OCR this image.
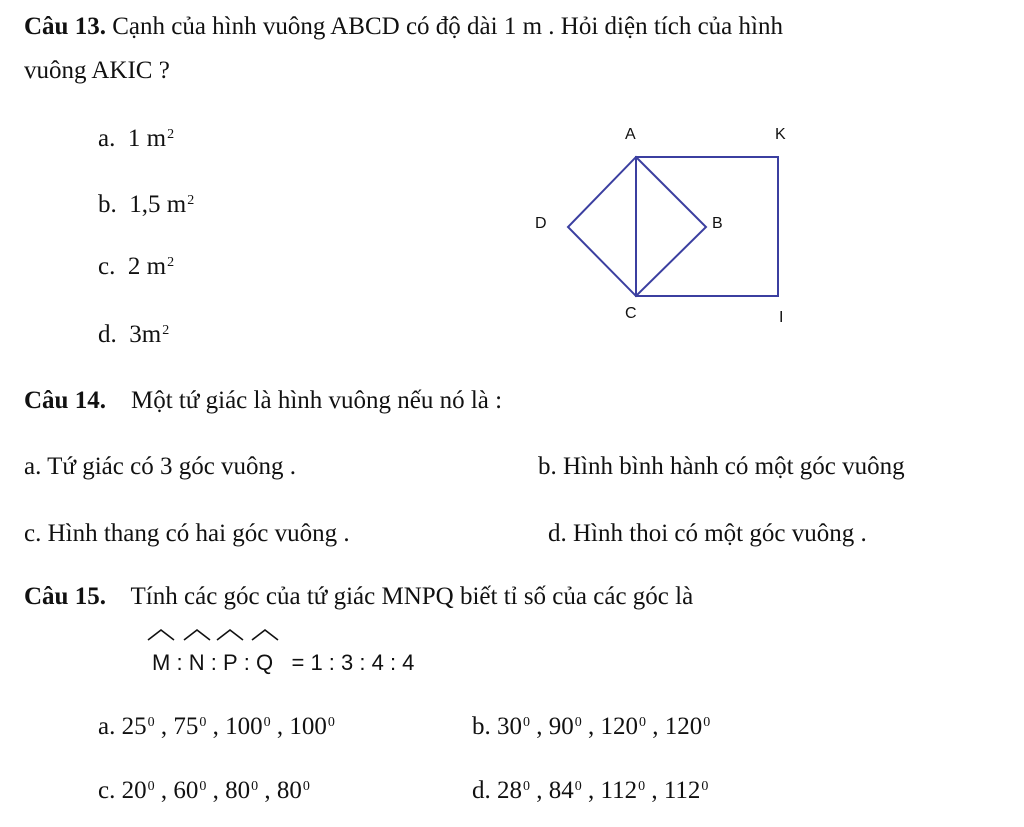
Câu 13. Cạnh của hình vuông ABCD có độ dài 1 m . Hỏi diện tích của hình
vuông AKIC ?
a. 1 $m^2$
b. 1,5 $m^2$
c. 2 $m^2$
d. $3m^2$
A	K
D	B
C	I
Câu 14. Một tứ giác là hình vuông nếu nó là :
a. Tứ giác có 3 góc vuông .	b. Hình bình hành có một góc vuông
c. Hình thang có hai góc vuông .	d. Hình thoi có một góc vuông .
Câu 15. Tính các góc của tứ giác MNPQ biết tỉ số của các góc là
M : N : P : Q = 1 : 3 : 4 : 4
a. $25^0$ , $75^0$ , $100^0$ , $100^0$	b. $30^0$ , $90^0$ , $120^0$ , $120^0$
c. $20^0$ , $60^0$ , $80^0$ , $80^0$	d. $28^0$ , $84^0$ , $112^0$ , $112^0$
